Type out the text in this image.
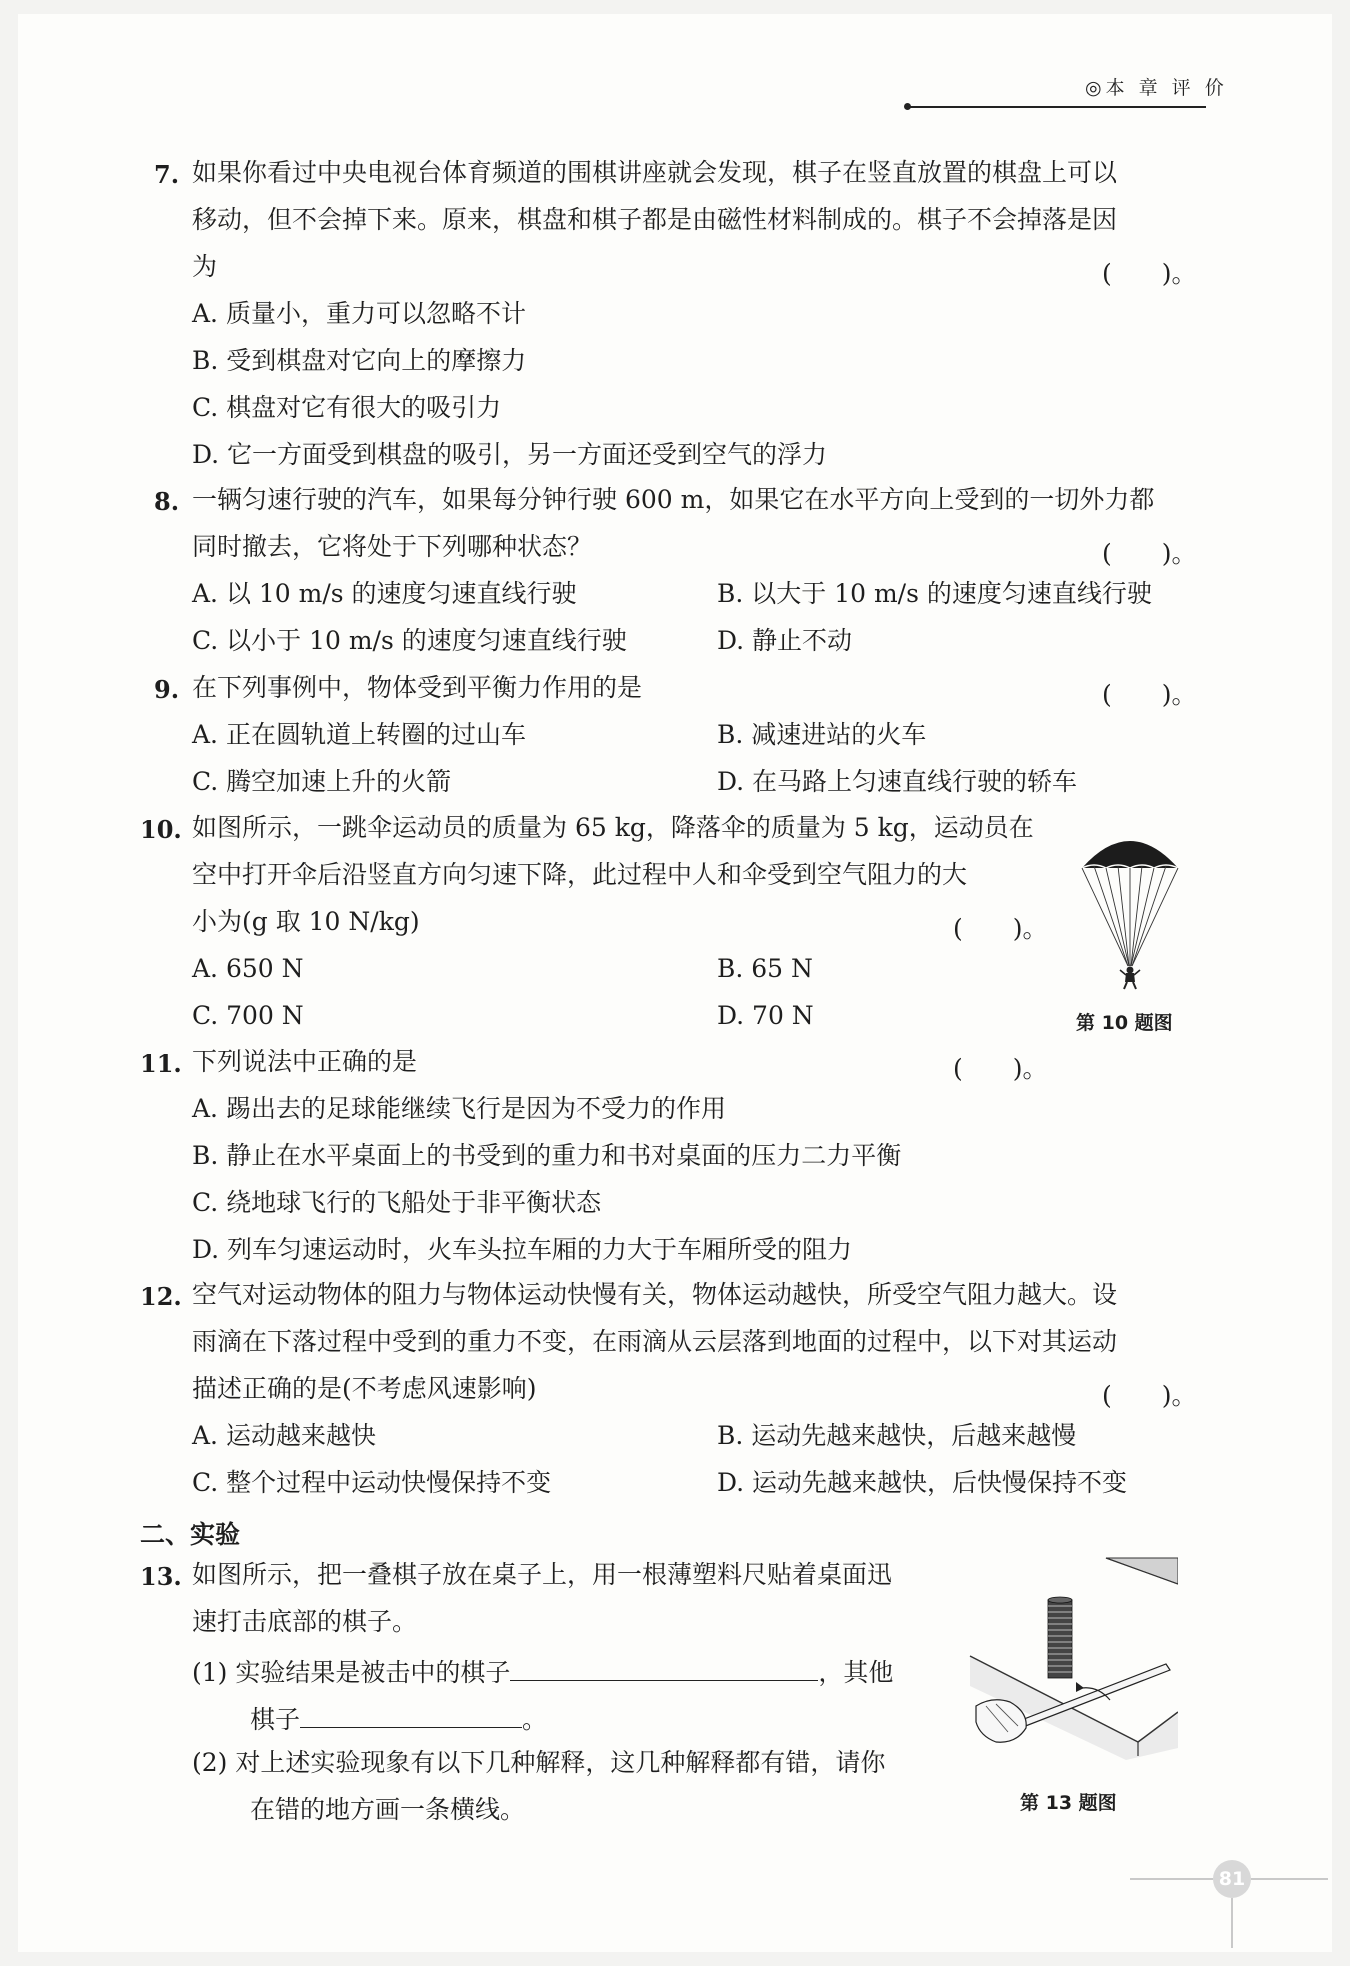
◎本 章 评 价
7. 如果你看过中央电视台体育频道的围棋讲座就会发现，棋子在竖直放置的棋盘上可以
移动，但不会掉下来。原来，棋盘和棋子都是由磁性材料制成的。棋子不会掉落是因
为	(　　)。
A. 质量小，重力可以忽略不计
B. 受到棋盘对它向上的摩擦力
C. 棋盘对它有很大的吸引力
D. 它一方面受到棋盘的吸引，另一方面还受到空气的浮力
8. 一辆匀速行驶的汽车，如果每分钟行驶 600 m，如果它在水平方向上受到的一切外力都
同时撤去，它将处于下列哪种状态？	(　　)。
A. 以 10 m/s 的速度匀速直线行驶	B. 以大于 10 m/s 的速度匀速直线行驶
C. 以小于 10 m/s 的速度匀速直线行驶	D. 静止不动
9. 在下列事例中，物体受到平衡力作用的是	(　　)。
A. 正在圆轨道上转圈的过山车	B. 减速进站的火车
C. 腾空加速上升的火箭	D. 在马路上匀速直线行驶的轿车
10. 如图所示，一跳伞运动员的质量为 65 kg，降落伞的质量为 5 kg，运动员在
空中打开伞后沿竖直方向匀速下降，此过程中人和伞受到空气阻力的大
小为(g 取 10 N/kg)	(　　)。
A. 650 N	B. 65 N
C. 700 N	D. 70 N	第 10 题图
11. 下列说法中正确的是	(　　)。
A. 踢出去的足球能继续飞行是因为不受力的作用
B. 静止在水平桌面上的书受到的重力和书对桌面的压力二力平衡
C. 绕地球飞行的飞船处于非平衡状态
D. 列车匀速运动时，火车头拉车厢的力大于车厢所受的阻力
12. 空气对运动物体的阻力与物体运动快慢有关，物体运动越快，所受空气阻力越大。设
雨滴在下落过程中受到的重力不变，在雨滴从云层落到地面的过程中，以下对其运动
描述正确的是(不考虑风速影响)	(　　)。
A. 运动越来越快	B. 运动先越来越快，后越来越慢
C. 整个过程中运动快慢保持不变	D. 运动先越来越快，后快慢保持不变
二、实验
13. 如图所示，把一叠棋子放在桌子上，用一根薄塑料尺贴着桌面迅
速打击底部的棋子。
(1) 实验结果是被击中的棋子	，其他
棋子	。
(2) 对上述实验现象有以下几种解释，这几种解释都有错，请你
在错的地方画一条横线。	第 13 题图
81
